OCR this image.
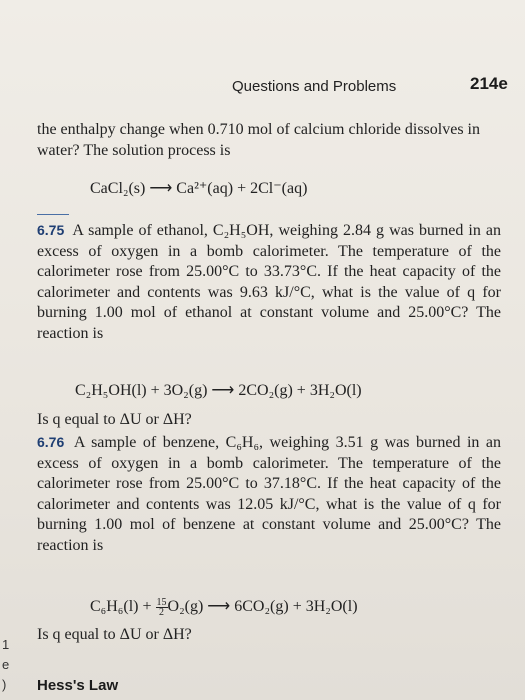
Questions and Problems	214e
the enthalpy change when 0.710 mol of calcium chloride dissolves in water? The solution process is
CaCl₂(s) ⟶ Ca²⁺(aq) + 2Cl⁻(aq)
6.75 A sample of ethanol, C₂H₅OH, weighing 2.84 g was burned in an excess of oxygen in a bomb calorimeter. The temperature of the calorimeter rose from 25.00°C to 33.73°C. If the heat capacity of the calorimeter and contents was 9.63 kJ/°C, what is the value of q for burning 1.00 mol of ethanol at constant volume and 25.00°C? The reaction is
C₂H₅OH(l) + 3O₂(g) ⟶ 2CO₂(g) + 3H₂O(l)
Is q equal to ΔU or ΔH?
6.76 A sample of benzene, C₆H₆, weighing 3.51 g was burned in an excess of oxygen in a bomb calorimeter. The temperature of the calorimeter rose from 25.00°C to 37.18°C. If the heat capacity of the calorimeter and contents was 12.05 kJ/°C, what is the value of q for burning 1.00 mol of benzene at constant volume and 25.00°C? The reaction is
$C_6H_6(l) + \frac{15}{2} O_2(g)$ ⟶ 6CO₂(g) + 3H₂O(l)
Is q equal to ΔU or ΔH?
Hess's Law
1
e
)
